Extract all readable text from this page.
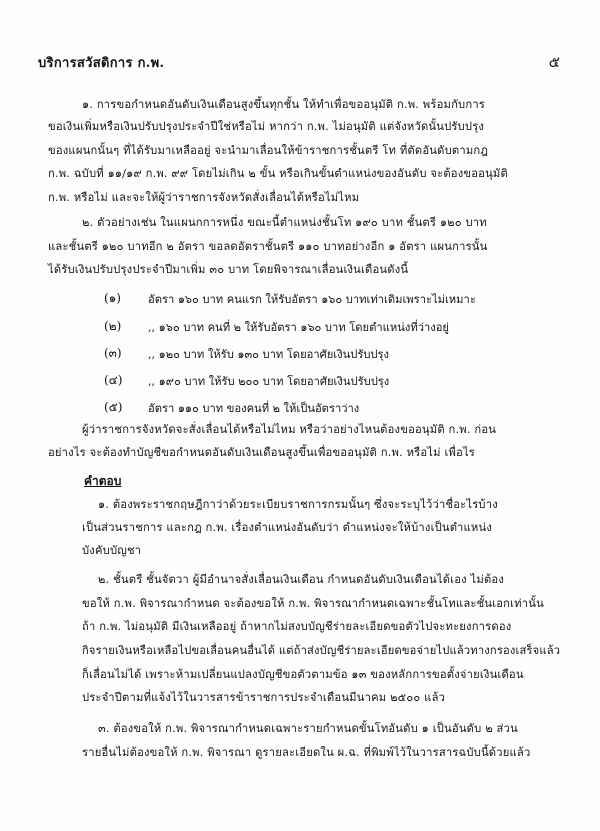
บริการสวัสดิการ ก.พ.	๕
๑. การขอกำหนดอันดับเงินเดือนสูงขึ้นทุกชั้น ให้ทำเพื่อขออนุมัติ ก.พ. พร้อมกับการ
ขอเงินเพิ่มหรือเงินปรับปรุงประจำปีใช่หรือไม่ หากว่า ก.พ. ไม่อนุมัติ แต่จังหวัดนั้นปรับปรุง
ของแผนกนั้นๆ ที่ได้รับมาเหลืออยู่ จะนำมาเลื่อนให้ข้าราชการชั้นตรี โท ที่ตัดอันดับตามกฎ
ก.พ. ฉบับที่ ๑๑/๑๙ ก.พ. ๙๙ โดยไม่เกิน ๒ ขั้น หรือเกินขั้นตำแหน่งของอันดับ จะต้องขออนุมัติ
ก.พ. หรือไม่ และจะให้ผู้ว่าราชการจังหวัดสั่งเลื่อนได้หรือไม่ไหม
๒. ตัวอย่างเช่น ในแผนกการหนึ่ง ขณะนี้ตำแหน่งชั้นโท ๑๙๐ บาท ชั้นตรี ๑๒๐ บาท
และชั้นตรี ๑๒๐ บาทอีก ๒ อัตรา ขอลดอัตราชั้นตรี ๑๑๐ บาทอย่างอีก ๑ อัตรา แผนการนั้น
ได้รับเงินปรับปรุงประจำปีมาเพิ่ม ๓๐ บาท โดยพิจารณาเลื่อนเงินเดือนดังนี้
(๑) อัตรา ๑๖๐ บาท คนแรก ให้รับอัตรา ๑๖๐ บาทเท่าเดิมเพราะไม่เหมาะ
(๒) ,, ๑๖๐ บาท คนที่ ๒ ให้รับอัตรา ๑๖๐ บาท โดยตำแหน่งที่ว่างอยู่
(๓) ,, ๑๒๐ บาท ให้รับ ๑๓๐ บาท โดยอาศัยเงินปรับปรุง
(๔) ,, ๑๙๐ บาท ให้รับ ๒๐๐ บาท โดยอาศัยเงินปรับปรุง
(๕) อัตรา ๑๑๐ บาท ของคนที่ ๒ ให้เป็นอัตราว่าง
ผู้ว่าราชการจังหวัดจะสั่งเลื่อนได้หรือไม่ไหม หรือว่าอย่างไหนต้องขออนุมัติ ก.พ. ก่อน
อย่างไร จะต้องทำบัญชีขอกำหนดอันดับเงินเดือนสูงขึ้นเพื่อขออนุมัติ ก.พ. หรือไม่ เพื่อไร
คำตอบ
๑. ต้องพระราชกฤษฎีกาว่าด้วยระเบียบราชการกรมนั้นๆ ซึ่งจะระบุไว้ว่าชื่อะไรบ้าง
เป็นส่วนราชการ และกฎ ก.พ. เรื่องตำแหน่งอันดับว่า ตำแหน่งจะให้บ้างเป็นตำแหน่ง
บังคับบัญชา
๒. ชั้นตรี ชั้นจัตวา ผู้มีอำนาจสั่งเลื่อนเงินเดือน กำหนดอันดับเงินเดือนได้เอง ไม่ต้อง
ขอให้ ก.พ. พิจารณากำหนด จะต้องขอให้ ก.พ. พิจารณากำหนดเฉพาะชั้นโทและชั้นเอกเท่านั้น
ถ้า ก.พ. ไม่อนุมัติ มีเงินเหลืออยู่ ถ้าหากไม่สงบบัญชีร่ายละเอียดขอตัวไปจะทะยงการดอง
กิจรายเงินหรือเหลือไปขอเลื่อนคนอื่นได้ แต่ถ้าส่งบัญชีร่ายละเอียดขอจ่ายไปแล้วทางกรองเสร็จแล้ว
ก็เลื่อนไม่ได้ เพราะห้ามเปลี่ยนแปลงบัญชีขอตัวตามข้อ ๑๓ ของหลักการขอตั้งจ่ายเงินเดือน
ประจำปีตามที่แจ้งไว้ในวารสารข้าราชการประจำเดือนมีนาคม ๒๕๐๐ แล้ว
๓. ต้องขอให้ ก.พ. พิจารณากำหนดเฉพาะรายกำหนดขั้นโทอันดับ ๑ เป็นอันดับ ๒ ส่วน
รายอื่นไม่ต้องขอให้ ก.พ. พิจารณา ดูรายละเอียดใน ผ.ฉ. ที่พิมพ์ไว้ในวารสารฉบับนี้ด้วยแล้ว
